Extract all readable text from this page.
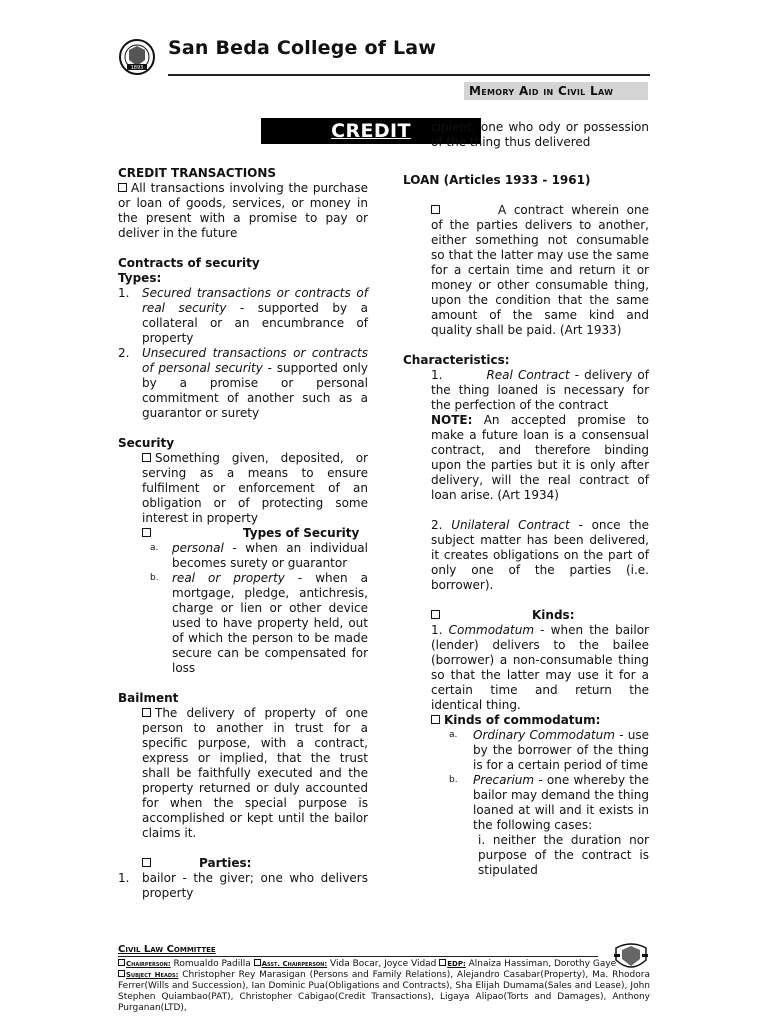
1893
San Beda College of Law
Memory Aid in Civil Law
CREDIT TRANSACTIONS
CREDIT TRANSACTIONS
All transactions involving the purchase or loan of goods, services, or money in the present with a promise to pay or deliver in the future
Contracts of security
Types:
1. Secured transactions or contracts of real security - supported by a collateral or an encumbrance of property
2. Unsecured transactions or contracts of personal security - supported only by a promise or personal commitment of another such as a guarantor or surety
Security
Something given, deposited, or serving as a means to ensure fulfilment or enforcement of an obligation or of protecting some interest in property
Types of Security
a. personal - when an individual becomes surety or guarantor
b. real or property - when a mortgage, pledge, antichresis, charge or lien or other device used to have property held, out of which the person to be made secure can be compensated for loss
Bailment
The delivery of property of one person to another in trust for a specific purpose, with a contract, express or implied, that the trust shall be faithfully executed and the property returned or duly accounted for when the special purpose is accomplished or kept until the bailor claims it.
Parties:
1. bailor - the giver; one who delivers property
cipient; one who ody or possession of the thing thus delivered
LOAN (Articles 1933 - 1961)
A contract wherein one of the parties delivers to another, either something not consumable so that the latter may use the same for a certain time and return it or money or other consumable thing, upon the condition that the same amount of the same kind and quality shall be paid. (Art 1933)
Characteristics:
1.	Real Contract - delivery of the thing loaned is necessary for the perfection of the contract
NOTE: An accepted promise to make a future loan is a consensual contract, and therefore binding upon the parties but it is only after delivery, will the real contract of loan arise. (Art 1934)
2. Unilateral Contract - once the subject matter has been delivered, it creates obligations on the part of only one of the parties (i.e. borrower).
Kinds:
1. Commodatum - when the bailor (lender) delivers to the bailee (borrower) a non-consumable thing so that the latter may use it for a certain time and return the identical thing.
Kinds of commodatum:
a. Ordinary Commodatum - use by the borrower of the thing is for a certain period of time
b. Precarium - one whereby the bailor may demand the thing loaned at will and it exists in the following cases:
i. neither the duration nor purpose of the contract is stipulated
Civil Law Committee
Chairperson: Romualdo Padilla Asst. Chairperson: Vida Bocar, Joyce Vidad EDP: Alnaiza Hassiman, Dorothy Gaye
Subject Heads: Christopher Rey Marasigan (Persons and Family Relations), Alejandro Casabar(Property), Ma. Rhodora Ferrer(Wills and Succession), Ian Dominic Pua(Obligations and Contracts), Sha Elijah Dumama(Sales and Lease), John Stephen Quiambao(PAT), Christopher Cabigao(Credit Transactions), Ligaya Alipao(Torts and Damages), Anthony Purganan(LTD),
